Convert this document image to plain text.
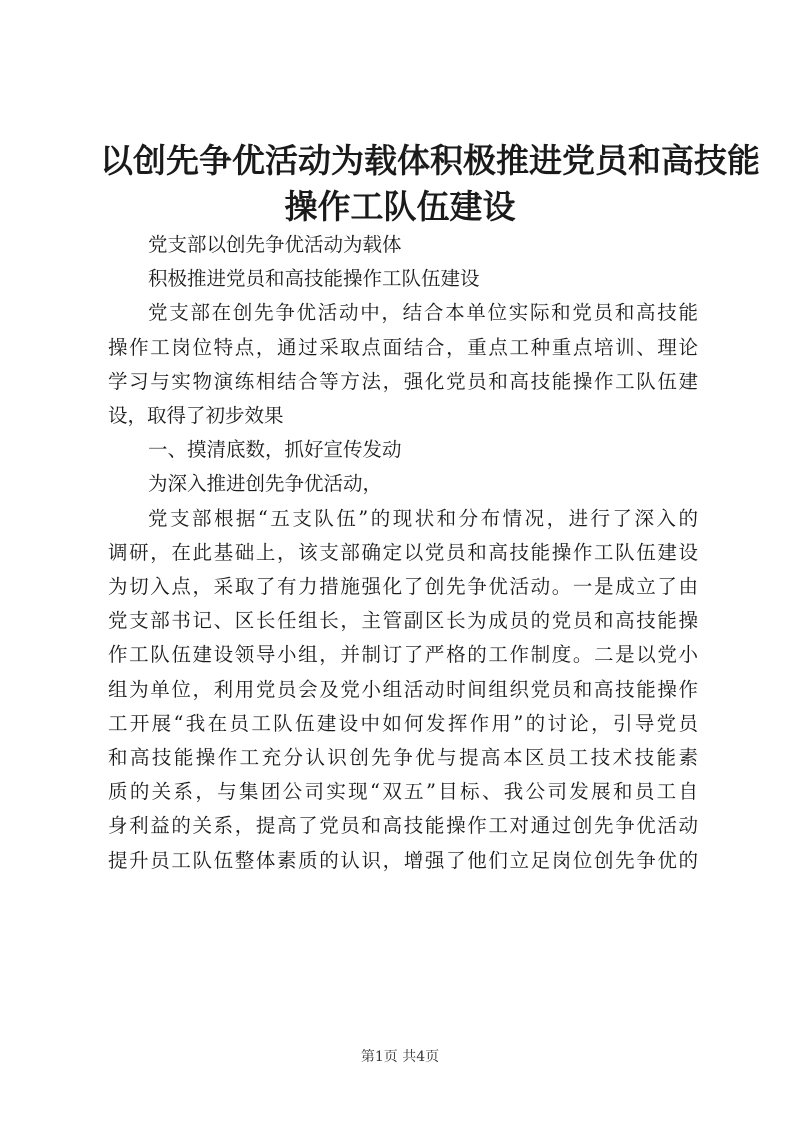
以创先争优活动为载体积极推进党员和高技能
操作工队伍建设

党支部以创先争优活动为载体

积极推进党员和高技能操作工队伍建设

党支部在创先争优活动中，结合本单位实际和党员和高技能
操作工岗位特点，通过采取点面结合，重点工种重点培训、理论
学习与实物演练相结合等方法，强化党员和高技能操作工队伍建
设，取得了初步效果

一、摸清底数，抓好宣传发动

为深入推进创先争优活动，

党支部根据“五支队伍”的现状和分布情况，进行了深入的
调研，在此基础上，该支部确定以党员和高技能操作工队伍建设
为切入点，采取了有力措施强化了创先争优活动。一是成立了由
党支部书记、区长任组长，主管副区长为成员的党员和高技能操
作工队伍建设领导小组，并制订了严格的工作制度。二是以党小
组为单位，利用党员会及党小组活动时间组织党员和高技能操作
工开展“我在员工队伍建设中如何发挥作用”的讨论，引导党员
和高技能操作工充分认识创先争优与提高本区员工技术技能素
质的关系，与集团公司实现“双五”目标、我公司发展和员工自
身利益的关系，提高了党员和高技能操作工对通过创先争优活动
提升员工队伍整体素质的认识，增强了他们立足岗位创先争优的

第1页 共4页
